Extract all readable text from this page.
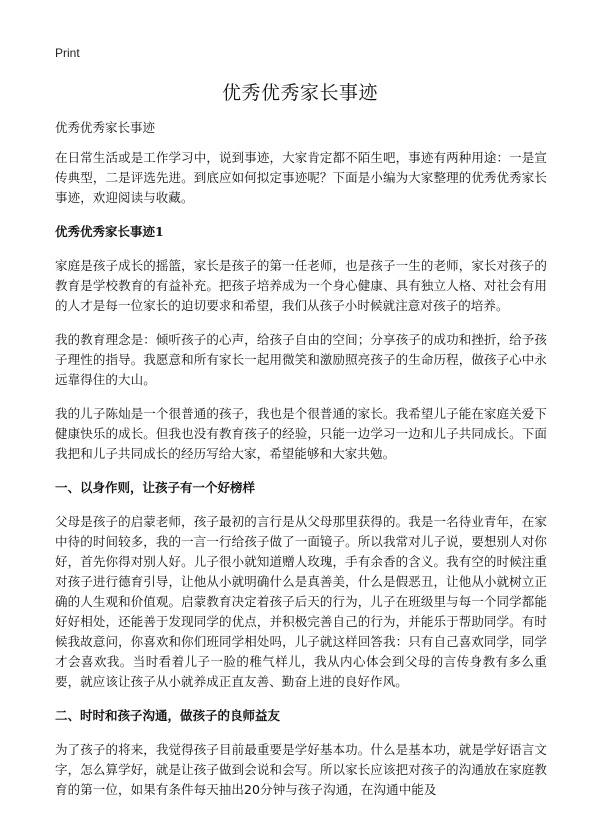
Print
优秀优秀家长事迹
优秀优秀家长事迹

在日常生活或是工作学习中，说到事迹，大家肯定都不陌生吧，事迹有两种用途：一是宣传典型，二是评选先进。到底应如何拟定事迹呢？下面是小编为大家整理的优秀优秀家长事迹，欢迎阅读与收藏。

优秀优秀家长事迹1

家庭是孩子成长的摇篮，家长是孩子的第一任老师，也是孩子一生的老师，家长对孩子的教育是学校教育的有益补充。把孩子培养成为一个身心健康、具有独立人格、对社会有用的人才是每一位家长的迫切要求和希望，我们从孩子小时候就注意对孩子的培养。

我的教育理念是：倾听孩子的心声，给孩子自由的空间；分享孩子的成功和挫折，给予孩子理性的指导。我愿意和所有家长一起用微笑和激励照亮孩子的生命历程，做孩子心中永远靠得住的大山。

我的儿子陈灿是一个很普通的孩子，我也是个很普通的家长。我希望儿子能在家庭关爱下健康快乐的成长。但我也没有教育孩子的经验，只能一边学习一边和儿子共同成长。下面我把和儿子共同成长的经历写给大家，希望能够和大家共勉。

一、以身作则，让孩子有一个好榜样

父母是孩子的启蒙老师，孩子最初的言行是从父母那里获得的。我是一名待业青年，在家中待的时间较多，我的一言一行给孩子做了一面镜子。所以我常对儿子说，要想别人对你好，首先你得对别人好。儿子很小就知道赠人玫瑰，手有余香的含义。我有空的时候注重对孩子进行德育引导，让他从小就明确什么是真善美，什么是假恶丑，让他从小就树立正确的人生观和价值观。启蒙教育决定着孩子后天的行为，儿子在班级里与每一个同学都能好好相处，还能善于发现同学的优点，并积极完善自己的行为，并能乐于帮助同学。有时候我故意问，你喜欢和你们班同学相处吗，儿子就这样回答我：只有自己喜欢同学，同学才会喜欢我。当时看着儿子一脸的稚气样儿，我从内心体会到父母的言传身教有多么重要，就应该让孩子从小就养成正直友善、勤奋上进的良好作风。

二、时时和孩子沟通，做孩子的良师益友

为了孩子的将来，我觉得孩子目前最重要是学好基本功。什么是基本功，就是学好语言文字，怎么算学好，就是让孩子做到会说和会写。所以家长应该把对孩子的沟通放在家庭教育的第一位，如果有条件每天抽出20分钟与孩子沟通，在沟通中能及
